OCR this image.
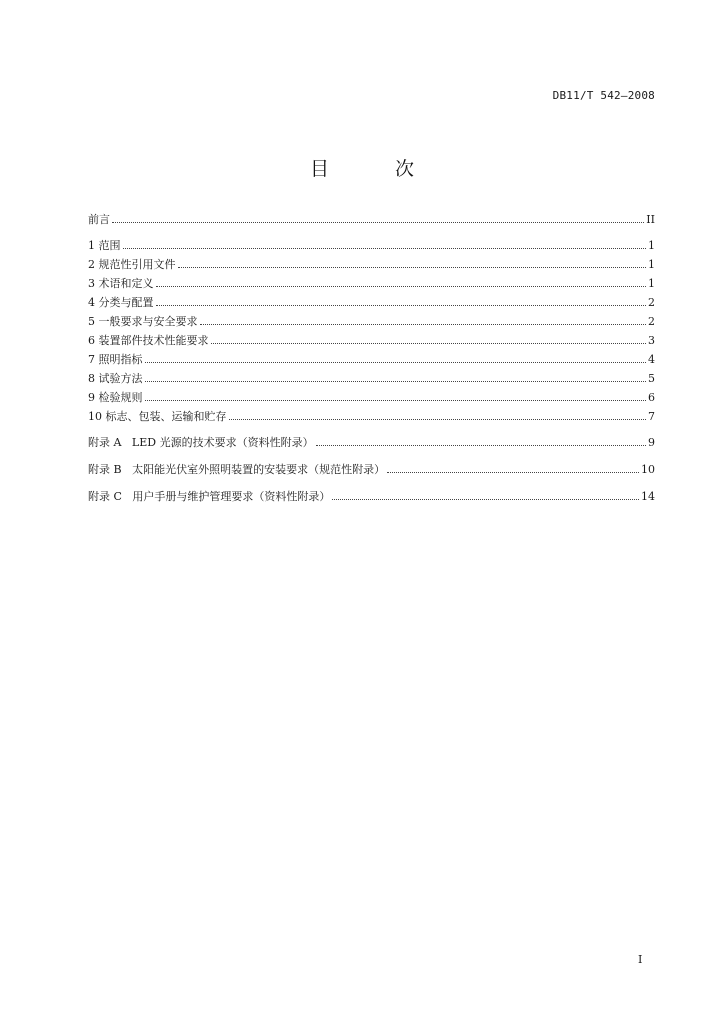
DB11/T 542—2008
目 次
前言	II
1 范围	1
2 规范性引用文件	1
3 术语和定义	1
4 分类与配置	2
5 一般要求与安全要求	2
6 装置部件技术性能要求	3
7 照明指标	4
8 试验方法	5
9 检验规则	6
10 标志、包装、运输和贮存	7
附录 A   LED 光源的技术要求（资料性附录）	9
附录 B   太阳能光伏室外照明装置的安装要求（规范性附录）	10
附录 C   用户手册与维护管理要求（资料性附录）	14
I
